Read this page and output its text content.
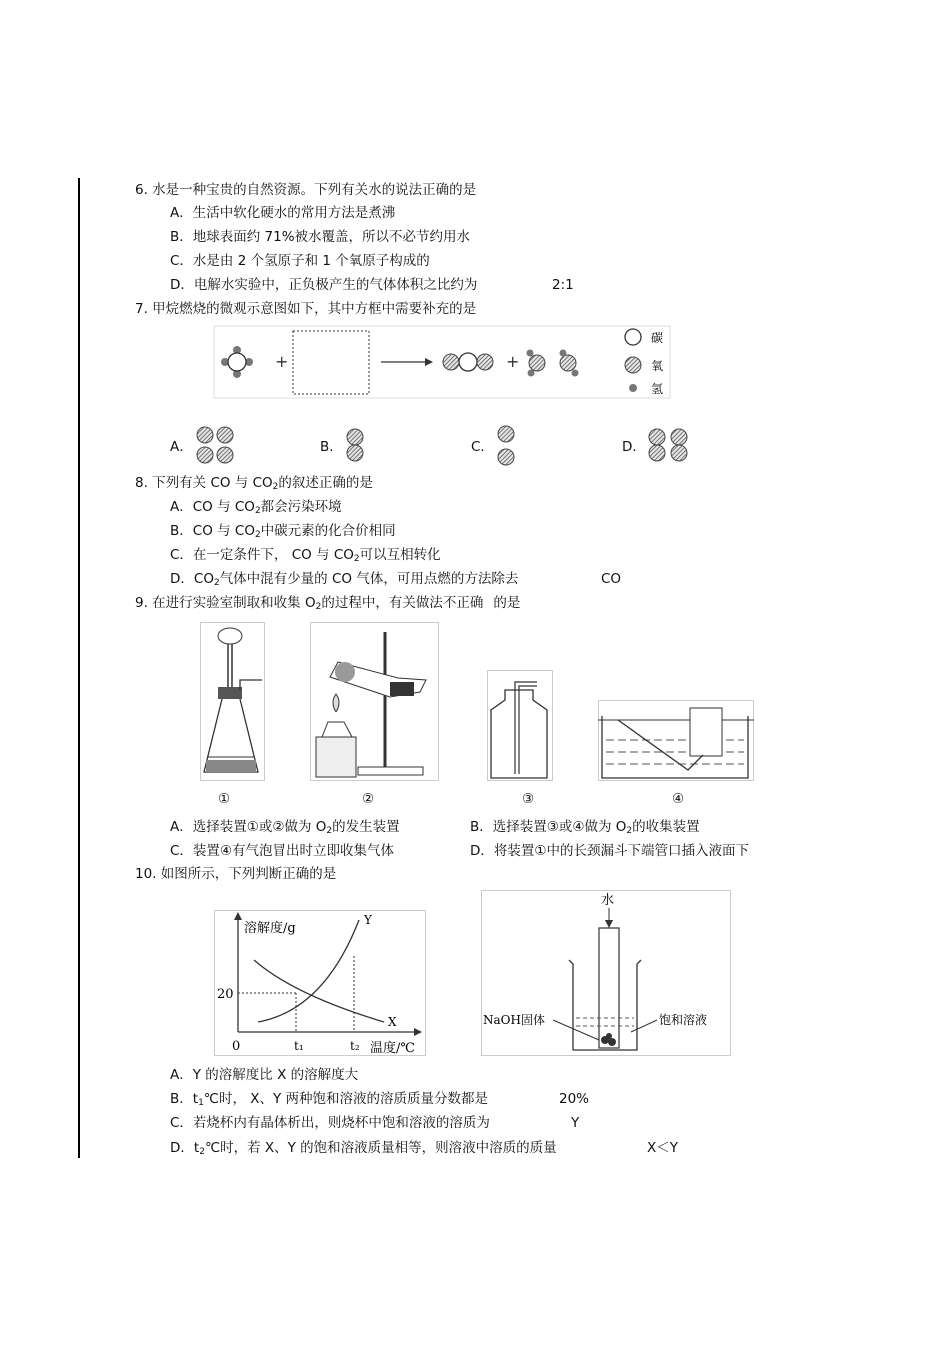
6. 水是一种宝贵的自然资源。下列有关水的说法正确的是
A．生活中软化硬水的常用方法是煮沸
B．地球表面约 71%被水覆盖，所以不必节约用水
C．水是由 2 个氢原子和 1 个氧原子构成的
D．电解水实验中，正负极产生的气体体积之比约为	2:1
7. 甲烷燃烧的微观示意图如下，其中方框中需要补充的是
+	+
碳
氧
氢
A．	B．	C．	D．
8. 下列有关 CO 与 $CO_2$的叙述正确的是
A．CO 与 $CO_2$都会污染环境
B．CO 与 $CO_2$中碳元素的化合价相同
C．在一定条件下， CO 与 $CO_2$可以互相转化
D．$CO_2$气体中混有少量的 CO 气体，可用点燃的方法除去	CO
9. 在进行实验室制取和收集 $O_2$的过程中，有关做法不正确 的是
①	②	③	④
A．选择装置①或②做为 $O_2$的发生装置	B．选择装置③或④做为 $O_2$的收集装置
C．装置④有气泡冒出时立即收集气体	D．将装置①中的长颈漏斗下端管口插入液面下
10. 如图所示，下列判断正确的是
溶解度/g
温度/℃
0
20
t₁	t₂
Y
X
水
NaOH固体	饱和溶液
A．Y 的溶解度比 X 的溶解度大
B．$t_1℃$时， X、Y 两种饱和溶液的溶质质量分数都是	20%
C．若烧杯内有晶体析出，则烧杯中饱和溶液的溶质为	Y
D．$t_2℃$时，若 X、Y 的饱和溶液质量相等，则溶液中溶质的质量	X＜Y
